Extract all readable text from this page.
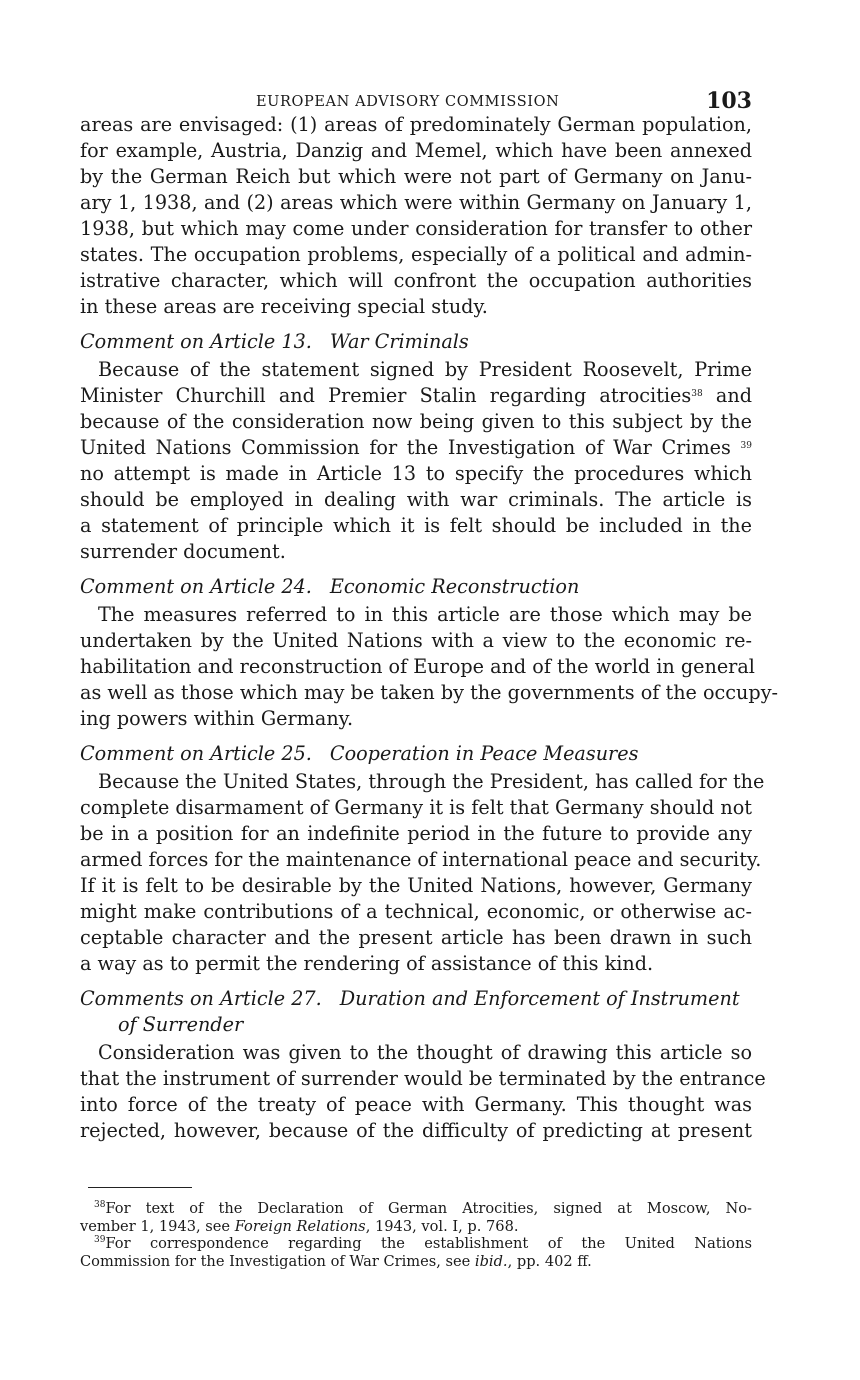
EUROPEAN ADVISORY COMMISSION	103
areas are envisaged: (1) areas of predominately German population,
for example, Austria, Danzig and Memel, which have been annexed
by the German Reich but which were not part of Germany on Janu-
ary 1, 1938, and (2) areas which were within Germany on January 1,
1938, but which may come under consideration for transfer to other
states. The occupation problems, especially of a political and admin-
istrative character, which will confront the occupation authorities
in these areas are receiving special study.
Comment on Article 13. War Criminals
Because of the statement signed by President Roosevelt, Prime
Minister Churchill and Premier Stalin regarding atrocities$^{38}$ and
because of the consideration now being given to this subject by the
United Nations Commission for the Investigation of War Crimes $^{39}$
no attempt is made in Article 13 to specify the procedures which
should be employed in dealing with war criminals. The article is
a statement of principle which it is felt should be included in the
surrender document.
Comment on Article 24. Economic Reconstruction
The measures referred to in this article are those which may be
undertaken by the United Nations with a view to the economic re-
habilitation and reconstruction of Europe and of the world in general
as well as those which may be taken by the governments of the occupy-
ing powers within Germany.
Comment on Article 25. Cooperation in Peace Measures
Because the United States, through the President, has called for the
complete disarmament of Germany it is felt that Germany should not
be in a position for an indefinite period in the future to provide any
armed forces for the maintenance of international peace and security.
If it is felt to be desirable by the United Nations, however, Germany
might make contributions of a technical, economic, or otherwise ac-
ceptable character and the present article has been drawn in such
a way as to permit the rendering of assistance of this kind.
Comments on Article 27. Duration and Enforcement of Instrument
of Surrender
Consideration was given to the thought of drawing this article so
that the instrument of surrender would be terminated by the entrance
into force of the treaty of peace with Germany. This thought was
rejected, however, because of the difficulty of predicting at present
$^{38}$For text of the Declaration of German Atrocities, signed at Moscow, No-
vember 1, 1943, see Foreign Relations, 1943, vol. I, p. 768.
$^{39}$For correspondence regarding the establishment of the United Nations
Commission for the Investigation of War Crimes, see ibid., pp. 402 ff.
